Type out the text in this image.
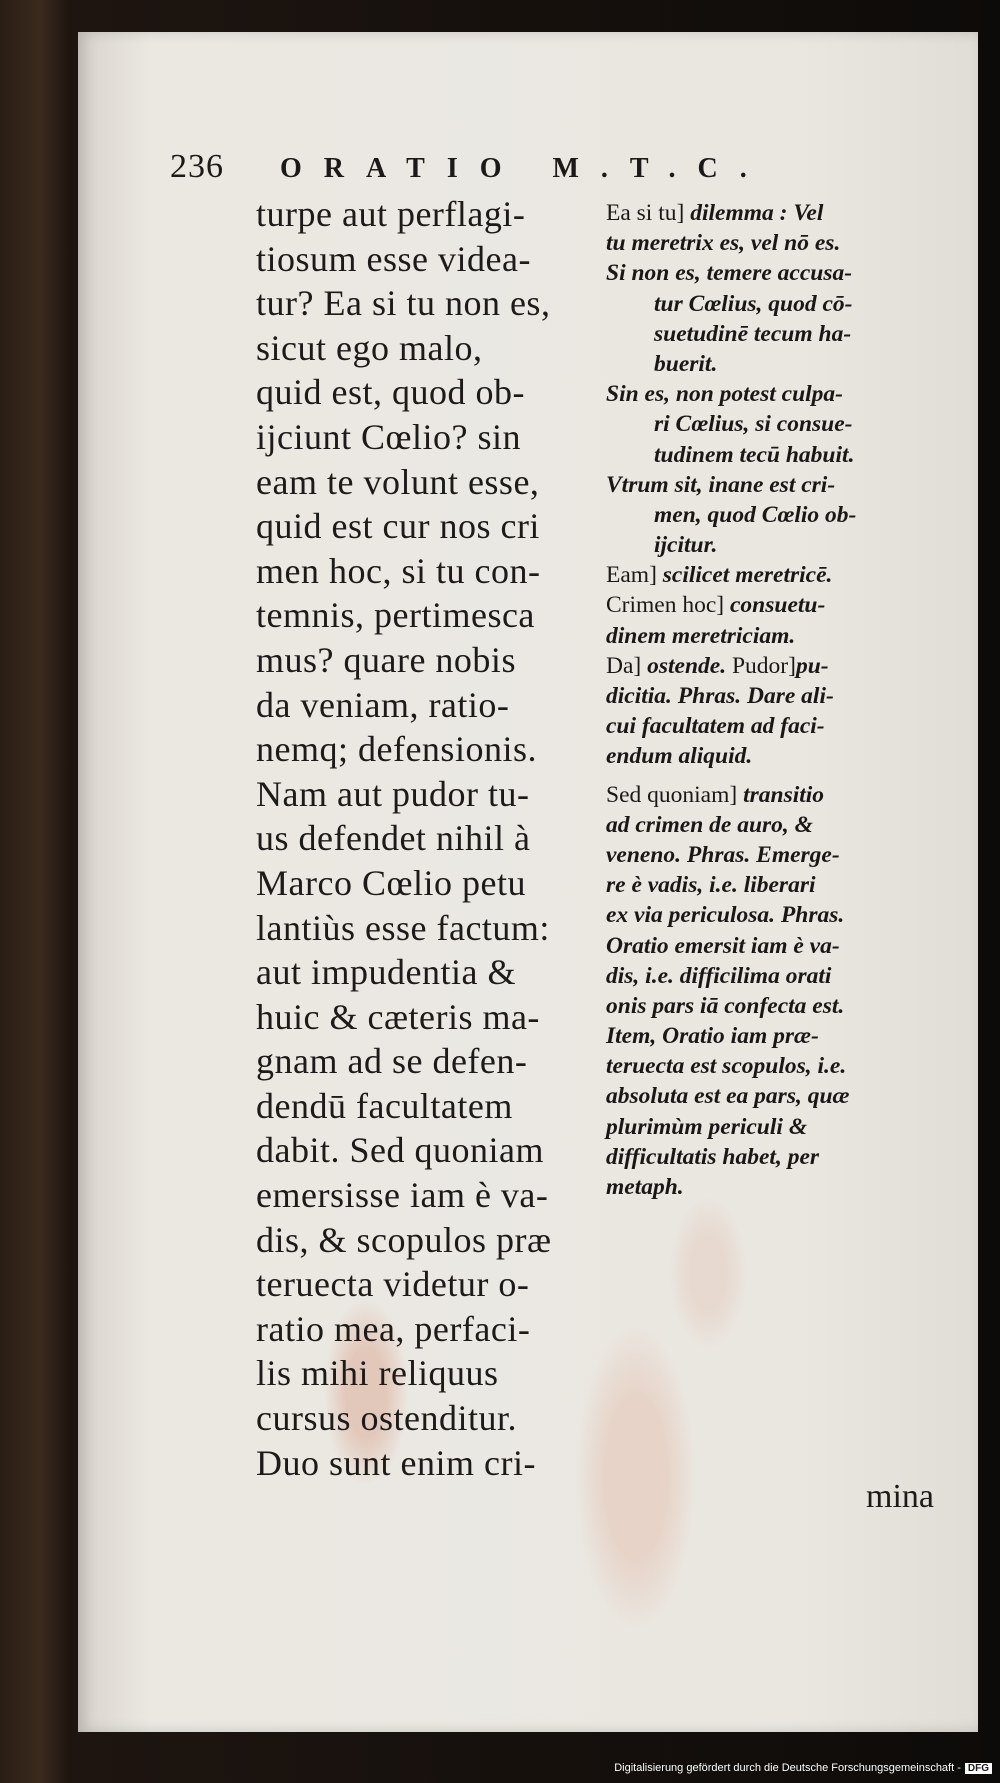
236	ORATIO M.T.C.
turpe aut perflagi-
tiosum esse videa-
tur? Ea si tu non es,
sicut ego malo,
quid est, quod ob-
ijciunt Cœlio? sin
eam te volunt esse,
quid est cur nos cri
men hoc, si tu con-
temnis, pertimesca
mus? quare nobis
da veniam, ratio-
nemq; defensionis.
Nam aut pudor tu-
us defendet nihil à
Marco Cœlio petu
lantiùs esse factum:
aut impudentia &
huic & cæteris ma-
gnam ad se defen-
dendū facultatem
dabit. Sed quoniam
emersisse iam è va-
dis, & scopulos præ
teruecta videtur o-
ratio mea, perfaci-
lis mihi reliquus
cursus ostenditur.
Duo sunt enim cri-
Ea si tu] dilemma : Vel
tu meretrix es, vel nō es.
Si non es, temere accusa-
tur Cœlius, quod cō-
suetudinē tecum ha-
buerit.
Sin es, non potest culpa-
ri Cœlius, si consue-
tudinem tecū habuit.
Vtrum sit, inane est cri-
men, quod Cœlio ob-
ijcitur.
Eam] scilicet meretricē.
Crimen hoc] consuetu-
dinem meretriciam.
Da] ostende. Pudor]pu-
dicitia. Phras. Dare ali-
cui facultatem ad faci-
endum aliquid.
Sed quoniam] transitio
ad crimen de auro, &
veneno. Phras. Emerge-
re è vadis, i.e. liberari
ex via periculosa. Phras.
Oratio emersit iam è va-
dis, i.e. difficilima orati
onis pars iā confecta est.
Item, Oratio iam præ-
teruecta est scopulos, i.e.
absoluta est ea pars, quæ
plurimùm periculi &
difficultatis habet, per
metaph.
mina
Digitalisierung gefördert durch die Deutsche Forschungsgemeinschaft - DFG
